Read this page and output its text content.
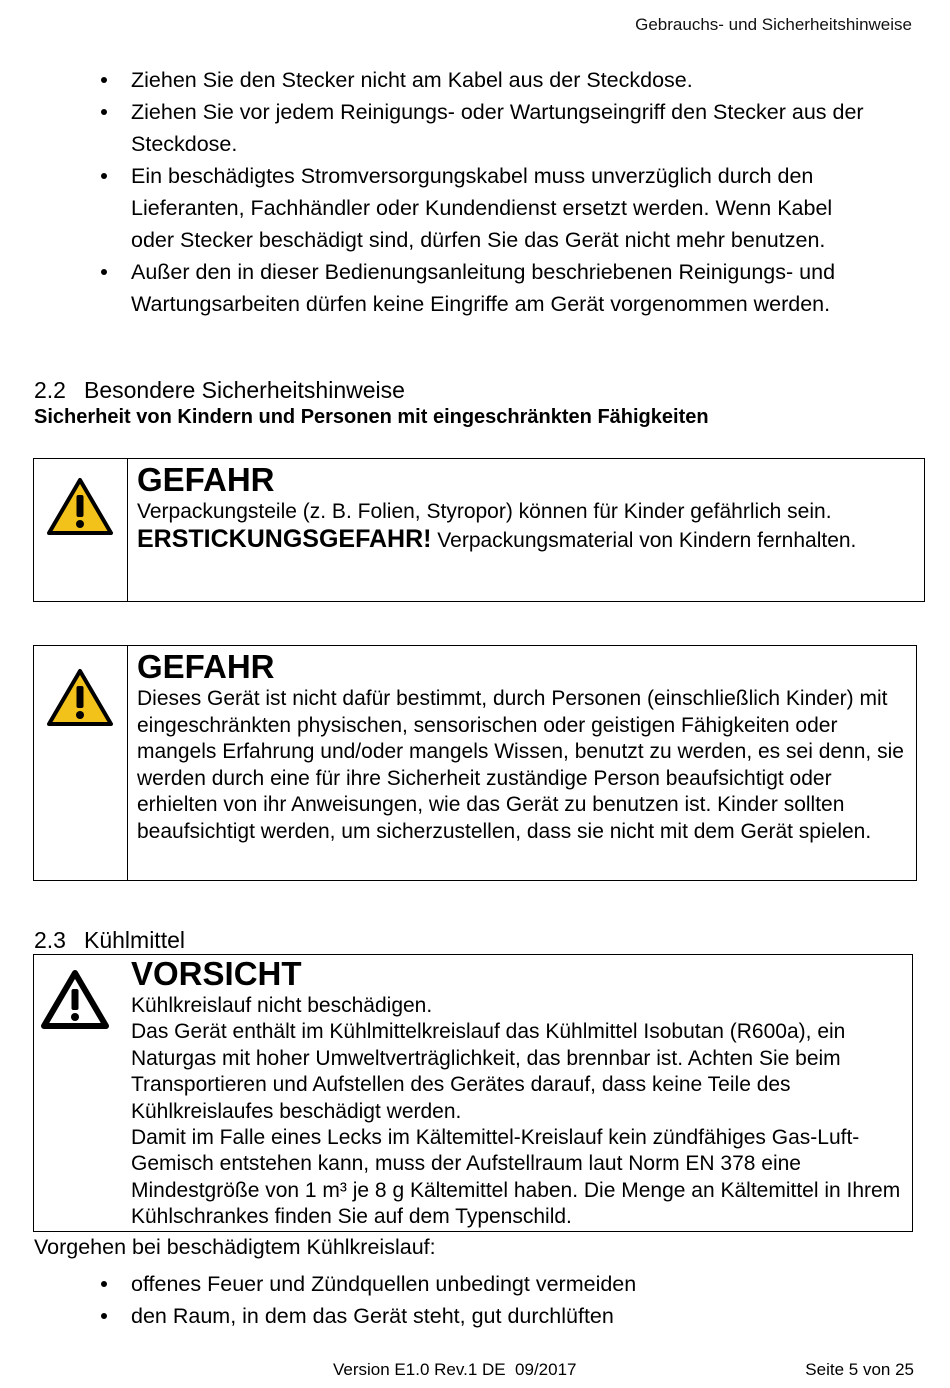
Gebrauchs- und Sicherheitshinweise
Ziehen Sie den Stecker nicht am Kabel aus der Steckdose.
Ziehen Sie vor jedem Reinigungs- oder Wartungseingriff den Stecker aus der Steckdose.
Ein beschädigtes Stromversorgungskabel muss unverzüglich durch den Lieferanten, Fachhändler oder Kundendienst ersetzt werden. Wenn Kabel oder Stecker beschädigt sind, dürfen Sie das Gerät nicht mehr benutzen.
Außer den in dieser Bedienungsanleitung beschriebenen Reinigungs- und Wartungsarbeiten dürfen keine Eingriffe am Gerät vorgenommen werden.
2.2 Besondere Sicherheitshinweise
Sicherheit von Kindern und Personen mit eingeschränkten Fähigkeiten
GEFAHR
Verpackungsteile (z. B. Folien, Styropor) können für Kinder gefährlich sein.
ERSTICKUNGSGEFAHR! Verpackungsmaterial von Kindern fernhalten.
GEFAHR
Dieses Gerät ist nicht dafür bestimmt, durch Personen (einschließlich Kinder) mit eingeschränkten physischen, sensorischen oder geistigen Fähigkeiten oder mangels Erfahrung und/oder mangels Wissen, benutzt zu werden, es sei denn, sie werden durch eine für ihre Sicherheit zuständige Person beaufsichtigt oder erhielten von ihr Anweisungen, wie das Gerät zu benutzen ist. Kinder sollten beaufsichtigt werden, um sicherzustellen, dass sie nicht mit dem Gerät spielen.
2.3 Kühlmittel
VORSICHT
Kühlkreislauf nicht beschädigen.
Das Gerät enthält im Kühlmittelkreislauf das Kühlmittel Isobutan (R600a), ein Naturgas mit hoher Umweltverträglichkeit, das brennbar ist. Achten Sie beim Transportieren und Aufstellen des Gerätes darauf, dass keine Teile des Kühlkreislaufes beschädigt werden.
Damit im Falle eines Lecks im Kältemittel-Kreislauf kein zündfähiges Gas-Luft-Gemisch entstehen kann, muss der Aufstellraum laut Norm EN 378 eine Mindestgröße von 1 m³ je 8 g Kältemittel haben. Die Menge an Kältemittel in Ihrem Kühlschrankes finden Sie auf dem Typenschild.
Vorgehen bei beschädigtem Kühlkreislauf:
offenes Feuer und Zündquellen unbedingt vermeiden
den Raum, in dem das Gerät steht, gut durchlüften
Version E1.0 Rev.1 DE  09/2017	Seite 5 von 25
